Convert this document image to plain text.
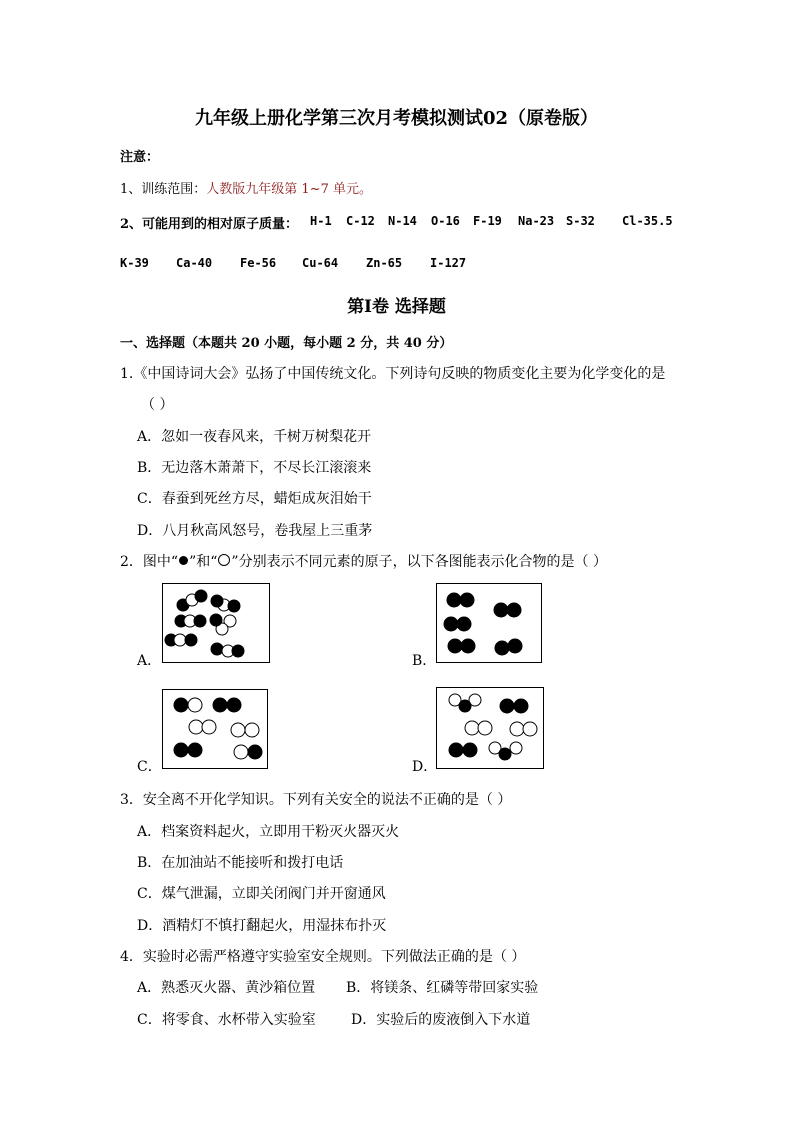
九年级上册化学第三次月考模拟测试02（原卷版）
注意：
1、训练范围：人教版九年级第 1~7 单元。
2、可能用到的相对原子质量： H-1 C-12 N-14 O-16 F-19 Na-23 S-32 Cl-35.5
K-39 Ca-40 Fe-56 Cu-64 Zn-65 I-127
第Ⅰ卷 选择题
一、选择题（本题共 20 小题，每小题 2 分，共 40 分）
1.《中国诗词大会》弘扬了中国传统文化。下列诗句反映的物质变化主要为化学变化的是
（ ）
A．忽如一夜春风来，千树万树梨花开
B．无边落木萧萧下，不尽长江滚滚来
C．春蚕到死丝方尽，蜡炬成灰泪始干
D．八月秋高风怒号，卷我屋上三重茅
2．图中“ ”和“ ”分别表示不同元素的原子，以下各图能表示化合物的是（ ）
A．	B．
C．	D．
3．安全离不开化学知识。下列有关安全的说法不正确的是（ ）
A．档案资料起火，立即用干粉灭火器灭火
B．在加油站不能接听和拨打电话
C．煤气泄漏，立即关闭阀门并开窗通风
D．酒精灯不慎打翻起火，用湿抹布扑灭
4．实验时必需严格遵守实验室安全规则。下列做法正确的是（ ）
A．熟悉灭火器、黄沙箱位置 B．将镁条、红磷等带回家实验
C．将零食、水杯带入实验室	D．实验后的废液倒入下水道
